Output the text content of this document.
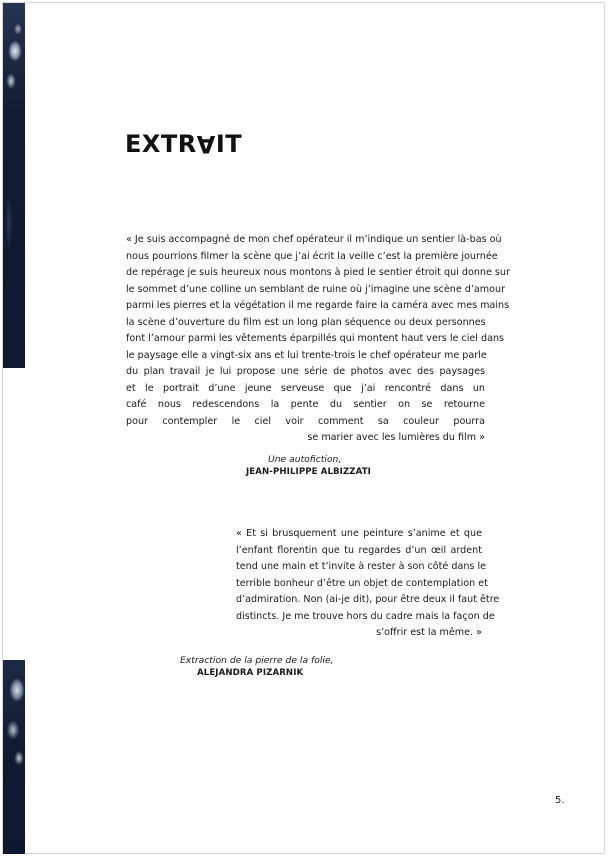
EXTRAIT
« Je suis accompagné de mon chef opérateur il m’indique un sentier là-bas où
nous pourrions filmer la scène que j’ai écrit la veille c’est la première journée
de repérage je suis heureux nous montons à pied le sentier étroit qui donne sur
le sommet d’une colline un semblant de ruine où j’imagine une scène d’amour
parmi les pierres et la végétation il me regarde faire la caméra avec mes mains
la scène d’ouverture du film est un long plan séquence ou deux personnes
font l’amour parmi les vêtements éparpillés qui montent haut vers le ciel dans
le paysage elle a vingt-six ans et lui trente-trois le chef opérateur me parle
du plan travail je lui propose une série de photos avec des paysages
et le portrait d’une jeune serveuse que j’ai rencontré dans un
café nous redescendons la pente du sentier on se retourne
pour contempler le ciel voir comment sa couleur pourra
se marier avec les lumières du film »
Une autofiction,
JEAN-PHILIPPE ALBIZZATI
« Et si brusquement une peinture s’anime et que
l’enfant florentin que tu regardes d’un œil ardent
tend une main et t’invite à rester à son côté dans le
terrible bonheur d’être un objet de contemplation et
d’admiration. Non (ai-je dit), pour être deux il faut être
distincts. Je me trouve hors du cadre mais la façon de
s’offrir est la même. »
Extraction de la pierre de la folie,
ALEJANDRA PIZARNIK
5.
